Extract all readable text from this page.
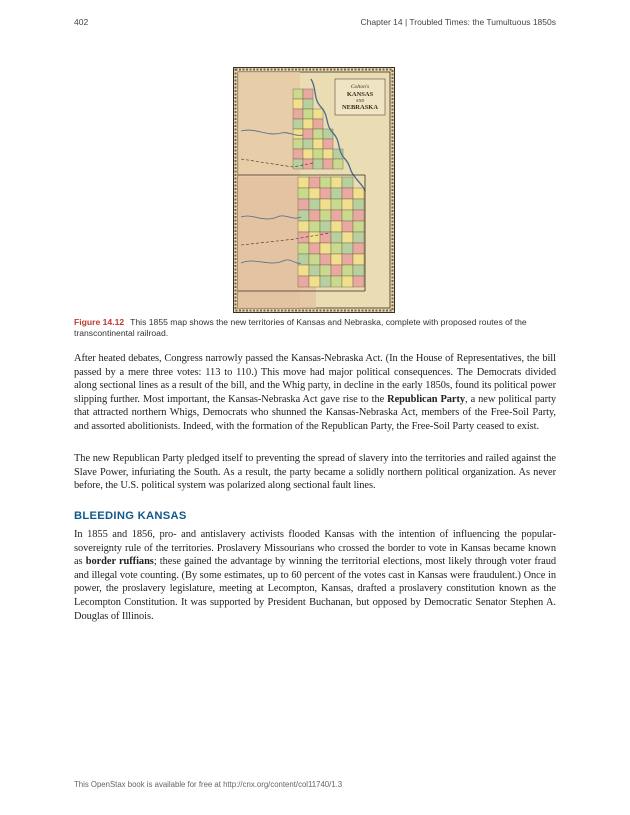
402	Chapter 14 | Troubled Times: the Tumultuous 1850s
Colton's
KANSAS
AND
NEBRASKA
Figure 14.12 This 1855 map shows the new territories of Kansas and Nebraska, complete with proposed routes of the transcontinental railroad.

After heated debates, Congress narrowly passed the Kansas-Nebraska Act. (In the House of Representatives, the bill passed by a mere three votes: 113 to 110.) This move had major political consequences. The Democrats divided along sectional lines as a result of the bill, and the Whig party, in decline in the early 1850s, found its political power slipping further. Most important, the Kansas-Nebraska Act gave rise to the Republican Party, a new political party that attracted northern Whigs, Democrats who shunned the Kansas-Nebraska Act, members of the Free-Soil Party, and assorted abolitionists. Indeed, with the formation of the Republican Party, the Free-Soil Party ceased to exist.

The new Republican Party pledged itself to preventing the spread of slavery into the territories and railed against the Slave Power, infuriating the South. As a result, the party became a solidly northern political organization. As never before, the U.S. political system was polarized along sectional fault lines.

BLEEDING KANSAS

In 1855 and 1856, pro- and antislavery activists flooded Kansas with the intention of influencing the popular-sovereignty rule of the territories. Proslavery Missourians who crossed the border to vote in Kansas became known as border ruffians; these gained the advantage by winning the territorial elections, most likely through voter fraud and illegal vote counting. (By some estimates, up to 60 percent of the votes cast in Kansas were fraudulent.) Once in power, the proslavery legislature, meeting at Lecompton, Kansas, drafted a proslavery constitution known as the Lecompton Constitution. It was supported by President Buchanan, but opposed by Democratic Senator Stephen A. Douglas of Illinois.

This OpenStax book is available for free at http://cnx.org/content/col11740/1.3
